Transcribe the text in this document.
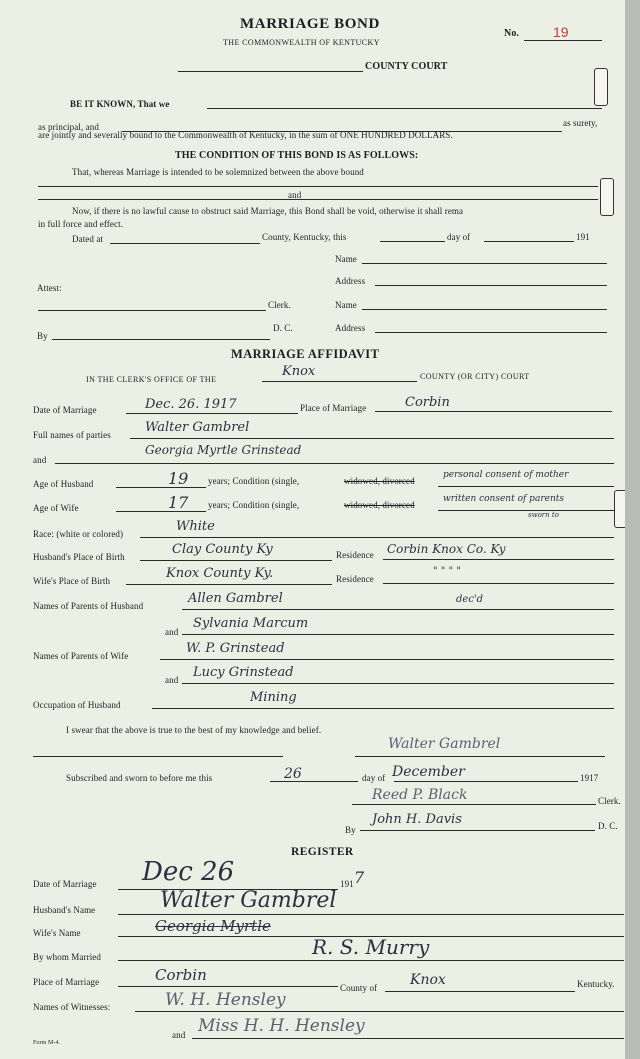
MARRIAGE BOND
THE COMMONWEALTH OF KENTUCKY
No. 19
COUNTY COURT
BE IT KNOWN, That we
as principal, and	as surety,
are jointly and severally bound to the Commonwealth of Kentucky, in the sum of ONE HUNDRED DOLLARS.
THE CONDITION OF THIS BOND IS AS FOLLOWS:
That, whereas Marriage is intended to be solemnized between the above bound
and
Now, if there is no lawful cause to obstruct said Marriage, this Bond shall be void, otherwise it shall rema
in full force and effect.
Dated at	County, Kentucky, this	day of	191
Name
Address
Attest:
Clerk.	Name
By
D. C.	Address
MARRIAGE AFFIDAVIT
IN THE CLERK'S OFFICE OF THE
Knox	COUNTY (OR CITY) COURT
Date of Marriage	Dec. 26. 1917	Place of Marriage	Corbin
Full names of parties	Walter Gambrel
and
Georgia Myrtle Grinstead
Age of Husband	19 years; Condition (single,	widowed, divorced
personal consent of mother
Age of Wife	17 years; Condition (single,	widowed, divorced
written consent of parents
sworn to
Race: (white or colored)	White
Husband's Place of Birth	Clay County Ky	Residence Corbin Knox Co. Ky
Wife's Place of Birth	Knox County Ky.	Residence
" " " "
Names of Parents of Husband	Allen Gambrel	dec'd
and
Sylvania Marcum
Names of Parents of Wife	W. P. Grinstead
and Lucy Grinstead
Occupation of Husband	Mining
I swear that the above is true to the best of my knowledge and belief.
Walter Gambrel
Subscribed and sworn to before me this	26	day of December	1917
Reed P. Black	Clerk.
By
John H. Davis	D. C.
REGISTER
Date of Marriage Dec 26	191 7
Husband's Name	Walter Gambrel
Wife's Name	Georgia Myrtle
By whom Married	R. S. Murry
Place of Marriage	Corbin
County of Knox	Kentucky.
Names of Witnesses:	W. H. Hensley
and Miss H. H. Hensley
Form M-4.
